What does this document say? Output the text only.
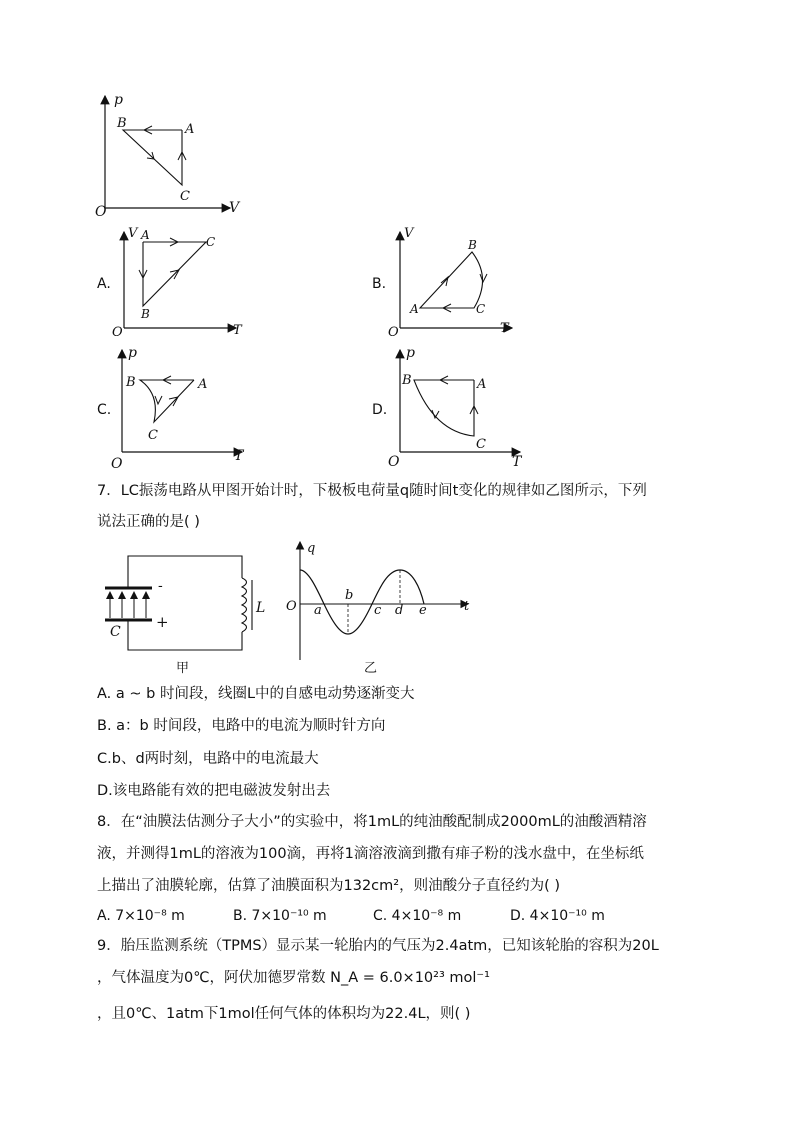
p
V
O
B	A
C
A.
V
T
O
A	C
B
B.
V
T
O
B
A	C
C.
p
T
O
B	A
C
D.
p
T
O
B	A
C
7．LC振荡电路从甲图开始计时，下极板电荷量q随时间t变化的规律如乙图所示，下列
说法正确的是( )
-
+
C
L
甲
q
t
O a
b
c d e
乙
A. a ~ b 时间段，线圈L中的自感电动势逐渐变大
B. a：b 时间段，电路中的电流为顺时针方向
C.b、d两时刻，电路中的电流最大
D.该电路能有效的把电磁波发射出去
8．在“油膜法估测分子大小”的实验中，将1mL的纯油酸配制成2000mL的油酸酒精溶
液，并测得1mL的溶液为100滴，再将1滴溶液滴到撒有痱子粉的浅水盘中，在坐标纸
上描出了油膜轮廓，估算了油膜面积为132cm²，则油酸分子直径约为( )
A. 7×10⁻⁸ m	B. 7×10⁻¹⁰ m	C. 4×10⁻⁸ m	D. 4×10⁻¹⁰ m
9．胎压监测系统（TPMS）显示某一轮胎内的气压为2.4atm，已知该轮胎的容积为20L
，气体温度为0℃，阿伏加德罗常数 N_A = 6.0×10²³ mol⁻¹
，且0℃、1atm下1mol任何气体的体积均为22.4L，则( )
